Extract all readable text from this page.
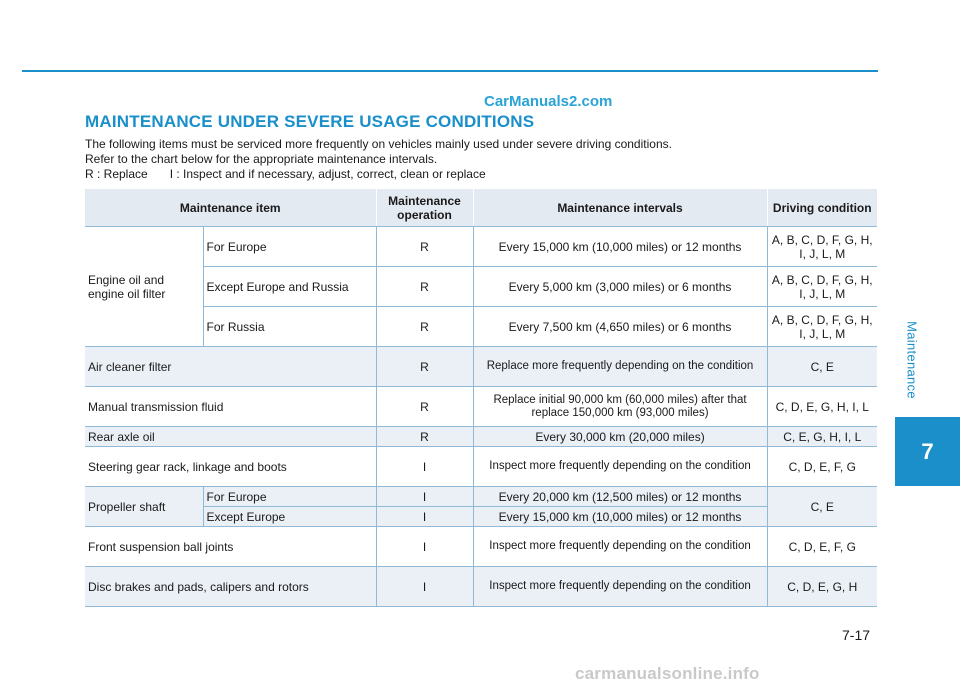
CarManuals2.com
MAINTENANCE UNDER SEVERE USAGE CONDITIONS
The following items must be serviced more frequently on vehicles mainly used under severe driving conditions.
Refer to the chart below for the appropriate maintenance intervals.
R : Replace I : Inspect and if necessary, adjust, correct, clean or replace
Maintenance item		Maintenance operation	Maintenance intervals	Driving condition
Engine oil and engine oil filter	For Europe	R	Every 15,000 km (10,000 miles) or 12 months	A, B, C, D, F, G, H, I, J, L, M
	Except Europe and Russia	R	Every 5,000 km (3,000 miles) or 6 months	A, B, C, D, F, G, H, I, J, L, M
	For Russia	R	Every 7,500 km (4,650 miles) or 6 months	A, B, C, D, F, G, H, I, J, L, M
Air cleaner filter		R	Replace more frequently depending on the condition	C, E
Manual transmission fluid		R	Replace initial 90,000 km (60,000 miles) after that replace 150,000 km (93,000 miles)	C, D, E, G, H, I, L
Rear axle oil		R	Every 30,000 km (20,000 miles)	C, E, G, H, I, L
Steering gear rack, linkage and boots		I	Inspect more frequently depending on the condition	C, D, E, F, G
Propeller shaft	For Europe	I	Every 20,000 km (12,500 miles) or 12 months	C, E
	Except Europe	I	Every 15,000 km (10,000 miles) or 12 months	
Front suspension ball joints		I	Inspect more frequently depending on the condition	C, D, E, F, G
Disc brakes and pads, calipers and rotors		I	Inspect more frequently depending on the condition	C, D, E, G, H
Maintenance
7
7-17
carmanualsonline.info
